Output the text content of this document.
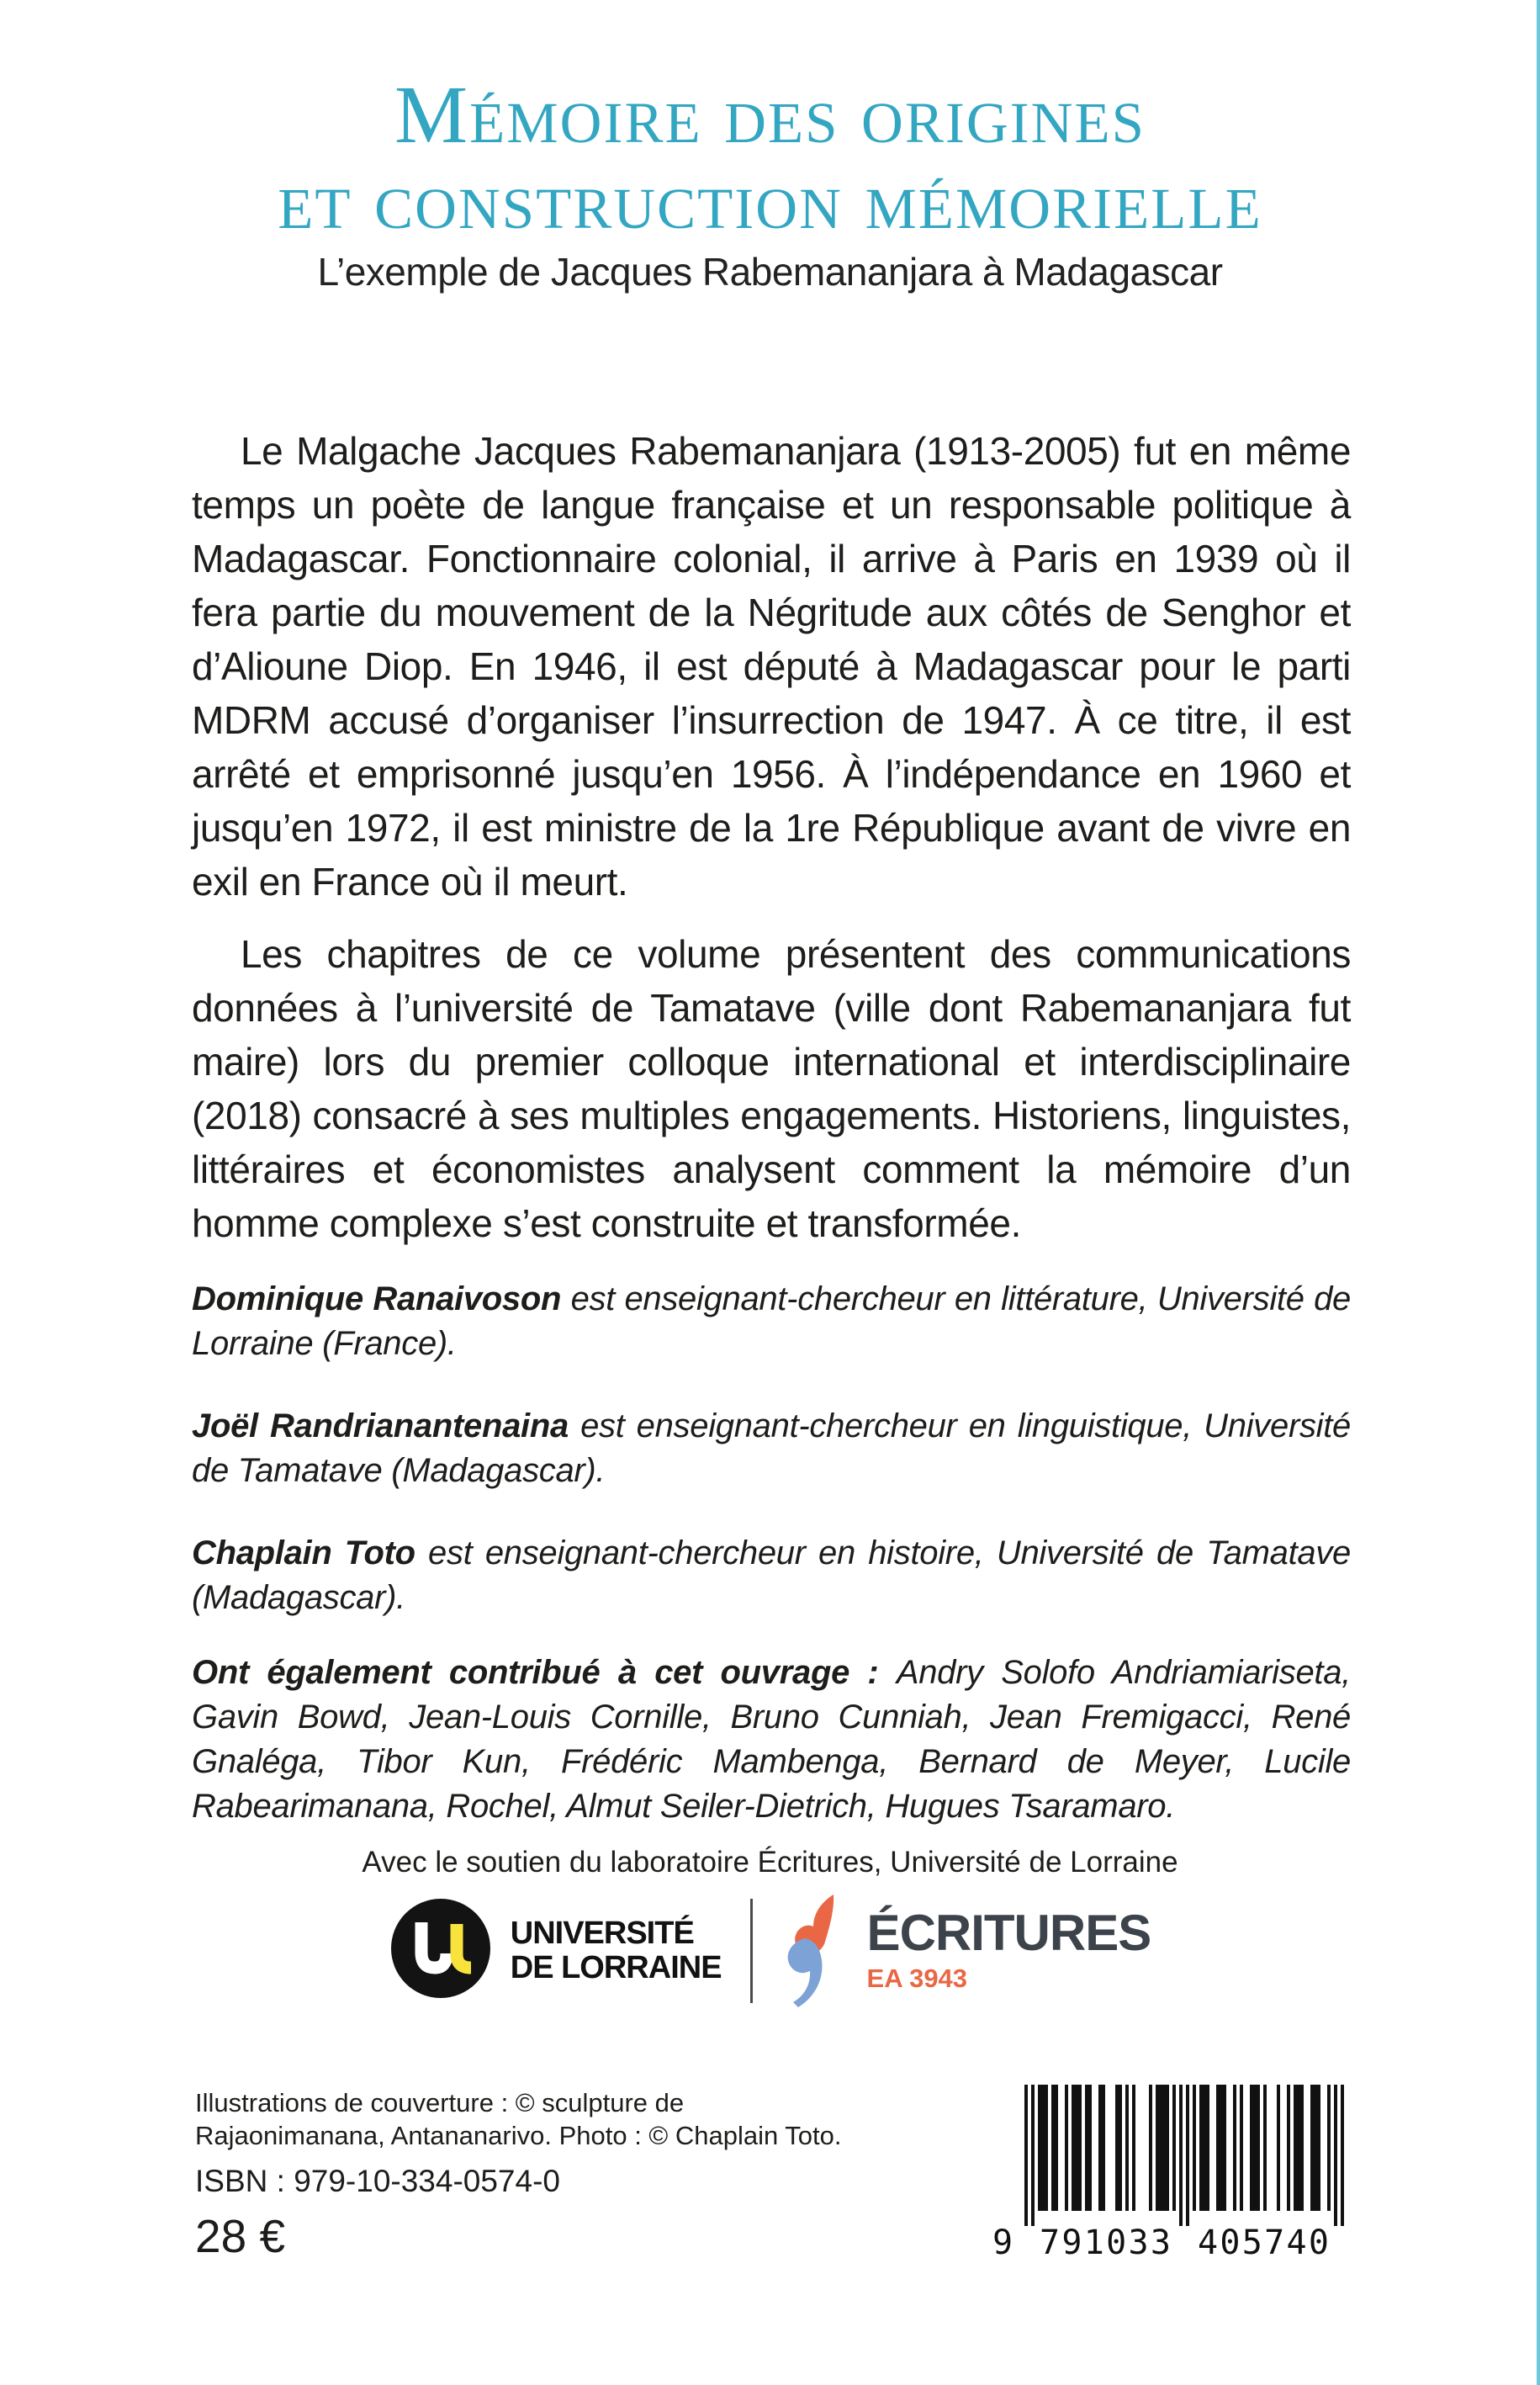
Mémoire des origines
et construction mémorielle
L’exemple de Jacques Rabemananjara à Madagascar

Le Malgache Jacques Rabemananjara (1913-2005) fut en même temps un poète de langue française et un responsable politique à Madagascar. Fonctionnaire colonial, il arrive à Paris en 1939 où il fera partie du mouvement de la Négritude aux côtés de Senghor et d’Alioune Diop. En 1946, il est député à Madagascar pour le parti MDRM accusé d’organiser l’insurrection de 1947. À ce titre, il est arrêté et emprisonné jusqu’en 1956. À l’indépendance en 1960 et jusqu’en 1972, il est ministre de la 1re République avant de vivre en exil en France où il meurt.

Les chapitres de ce volume présentent des communications données à l’université de Tamatave (ville dont Rabemananjara fut maire) lors du premier colloque international et interdisciplinaire (2018) consacré à ses multiples engagements. Historiens, linguistes, littéraires et économistes analysent comment la mémoire d’un homme complexe s’est construite et transformée.

Dominique Ranaivoson est enseignant-chercheur en littérature, Université de Lorraine (France).

Joël Randrianantenaina est enseignant-chercheur en linguistique, Université de Tamatave (Madagascar).

Chaplain Toto est enseignant-chercheur en histoire, Université de Tamatave (Madagascar).

Ont également contribué à cet ouvrage : Andry Solofo Andriamiariseta, Gavin Bowd, Jean-Louis Cornille, Bruno Cunniah, Jean Fremigacci, René Gnaléga, Tibor Kun, Frédéric Mambenga, Bernard de Meyer, Lucile Rabearimanana, Rochel, Almut Seiler-Dietrich, Hugues Tsaramaro.

Avec le soutien du laboratoire Écritures, Université de Lorraine
UNIVERSITÉ
DE LORRAINE
ÉCRITURES
EA 3943
Illustrations de couverture : © sculpture de Rajaonimanana, Antananarivo. Photo : © Chaplain Toto.
ISBN : 979-10-334-0574-0
28 €	9 791033 405740
